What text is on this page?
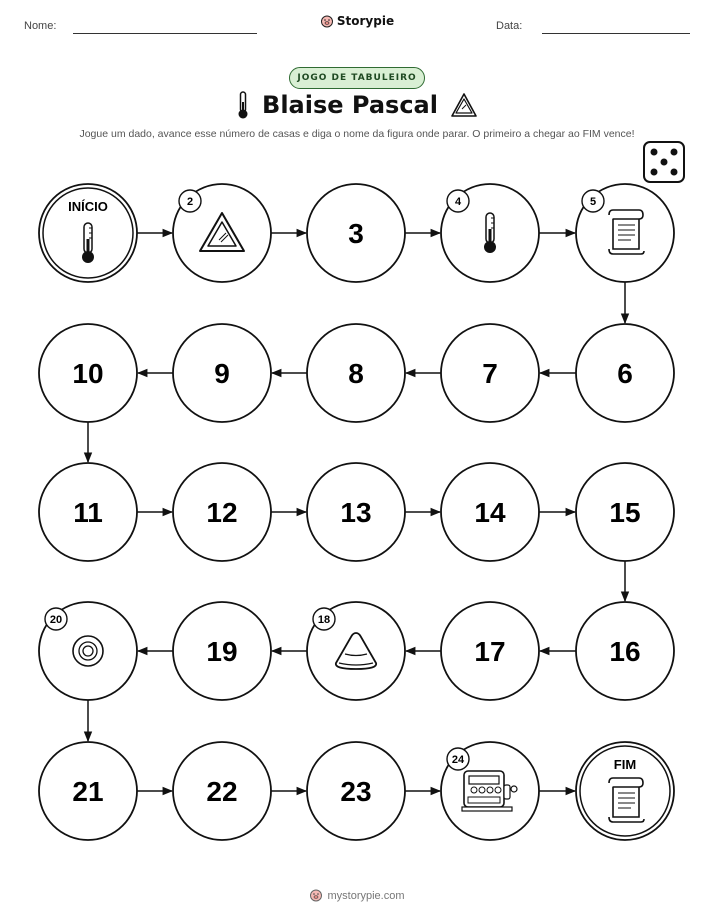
Nome:	Storypie	Data:
JOGO DE TABULEIRO
Blaise Pascal
Jogue um dado, avance esse número de casas e diga o nome da figura onde parar. O primeiro a chegar ao FIM vence!
INÍCIO	2
3
4	5
6
7
8
9
10
11	12	13	14	15
16
17
18
19
20
21	22	23
24	FIM
mystorypie.com
